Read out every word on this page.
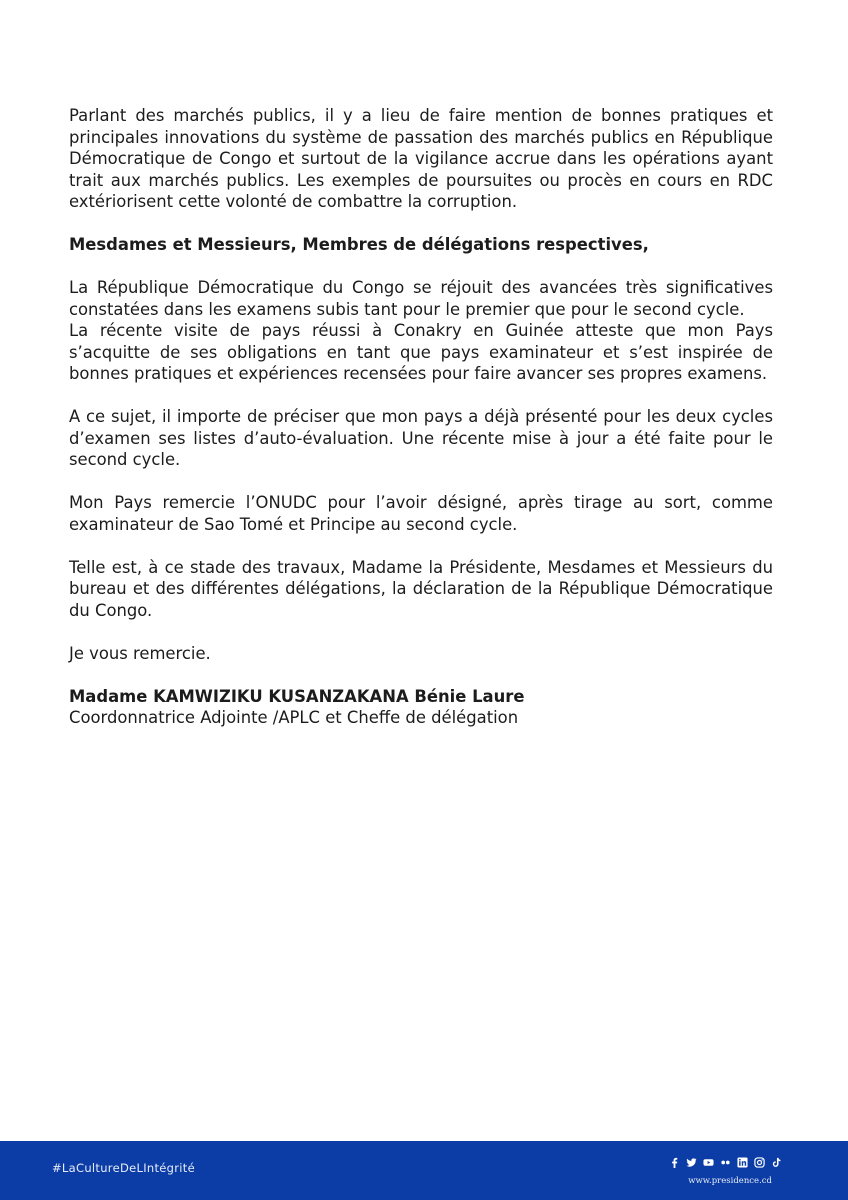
Parlant des marchés publics, il y a lieu de faire mention de bonnes pratiques et principales innovations du système de passation des marchés publics en République Démocratique de Congo et surtout de la vigilance accrue dans les opérations ayant trait aux marchés publics. Les exemples de poursuites ou procès en cours en RDC extériorisent cette volonté de combattre la corruption.

Mesdames et Messieurs, Membres de délégations respectives,

La République Démocratique du Congo se réjouit des avancées très significatives constatées dans les examens subis tant pour le premier que pour le second cycle.

La récente visite de pays réussi à Conakry en Guinée atteste que mon Pays s’acquitte de ses obligations en tant que pays examinateur et s’est inspirée de bonnes pratiques et expériences recensées pour faire avancer ses propres examens.

A ce sujet, il importe de préciser que mon pays a déjà présenté pour les deux cycles d’examen ses listes d’auto-évaluation. Une récente mise à jour a été faite pour le second cycle.

Mon Pays remercie l’ONUDC pour l’avoir désigné, après tirage au sort, comme examinateur de Sao Tomé et Principe au second cycle.

Telle est, à ce stade des travaux, Madame la Présidente, Mesdames et Messieurs du bureau et des différentes délégations, la déclaration de la République Démocratique du Congo.

Je vous remercie.

Madame KAMWIZIKU KUSANZAKANA Bénie Laure

Coordonnatrice Adjointe /APLC et Cheffe de délégation

#LaCultureDeLIntégrité
www.presidence.cd
